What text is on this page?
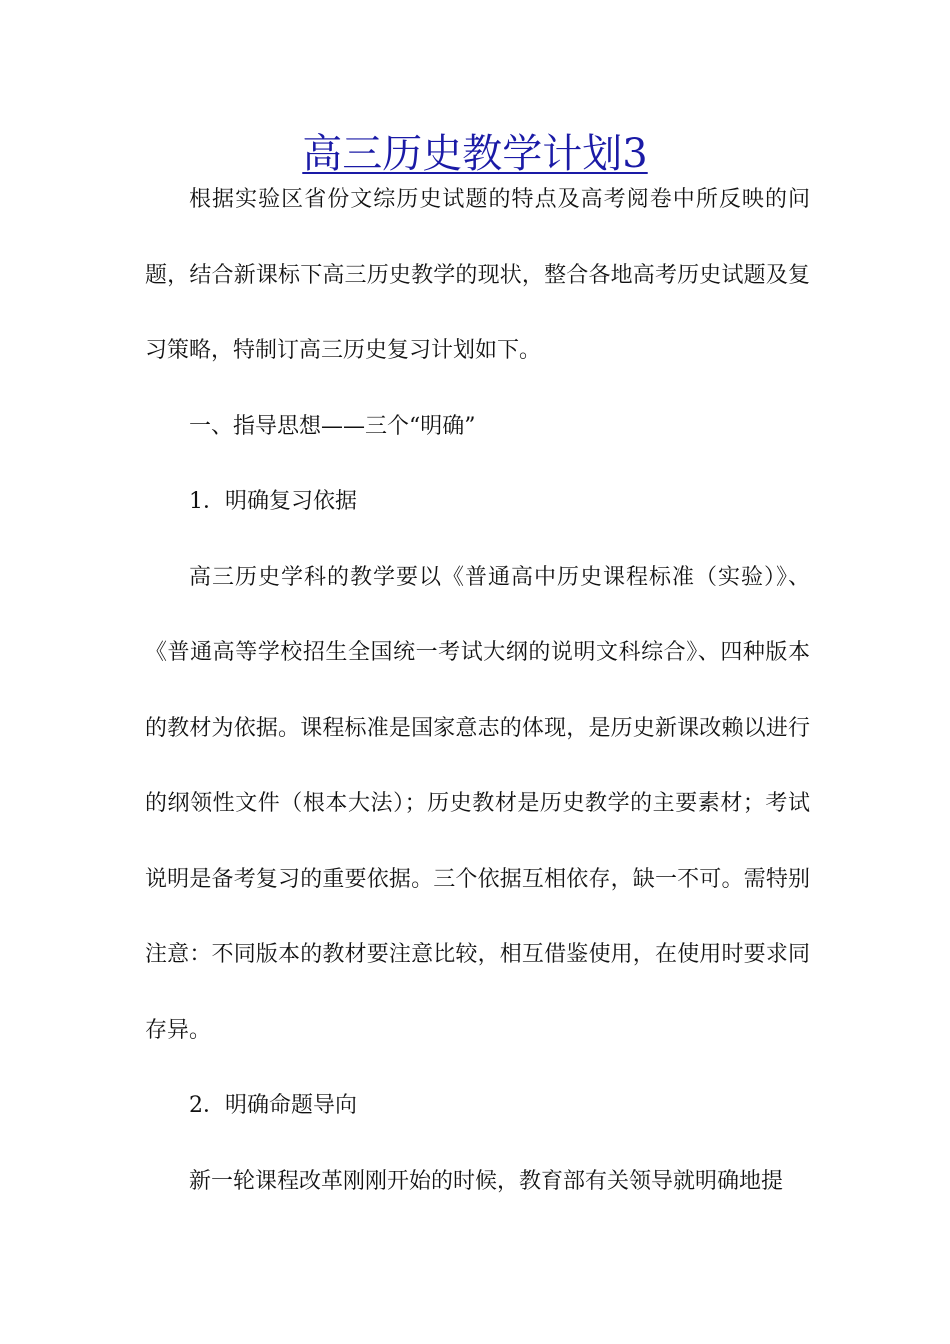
高三历史教学计划3

根据实验区省份文综历史试题的特点及高考阅卷中所反映的问题，结合新课标下高三历史教学的现状，整合各地高考历史试题及复习策略，特制订高三历史复习计划如下。

一、指导思想——三个“明确”

1．明确复习依据

高三历史学科的教学要以《普通高中历史课程标准（实验）》、《普通高等学校招生全国统一考试大纲的说明文科综合》、四种版本的教材为依据。课程标准是国家意志的体现，是历史新课改赖以进行的纲领性文件（根本大法）；历史教材是历史教学的主要素材；考试说明是备考复习的重要依据。三个依据互相依存，缺一不可。需特别注意：不同版本的教材要注意比较，相互借鉴使用，在使用时要求同存异。

2．明确命题导向

新一轮课程改革刚刚开始的时候，教育部有关领导就明确地提
